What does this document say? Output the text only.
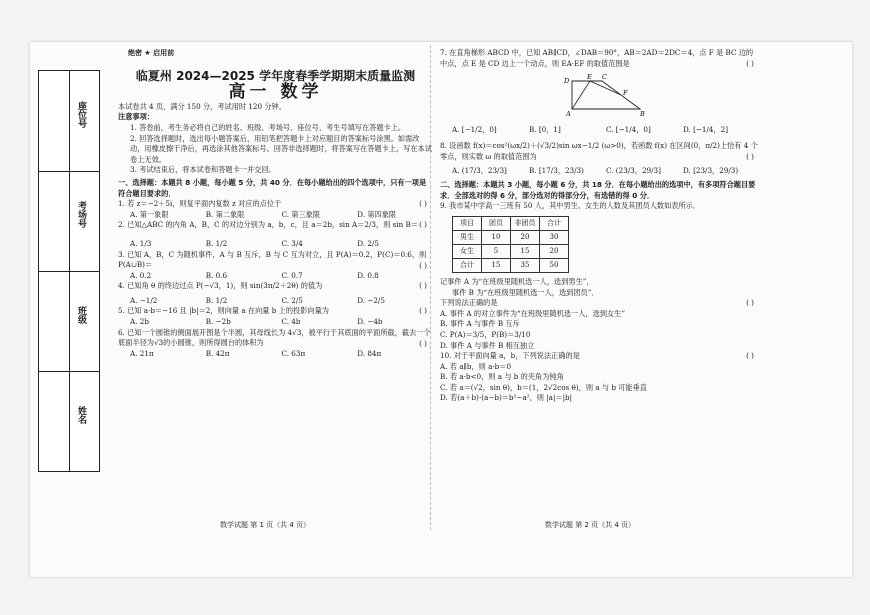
座位号
考场号
班级
姓名
绝密 ★ 启用前
临夏州 2024—2025 学年度春季学期期末质量监测
高一 数学

本试卷共 4 页，满分 150 分，考试用时 120 分钟。

注意事项：

1. 答卷前，考生务必将自己的姓名、班级、考场号、座位号、考生号填写在答题卡上。

2. 回答选择题时，选出每小题答案后，用铅笔把答题卡上对应题目的答案标号涂黑。如需改动，用橡皮擦干净后，再选涂其他答案标号。回答非选择题时，将答案写在答题卡上，写在本试卷上无效。

3. 考试结束后，将本试卷和答题卡一并交回。

一、选择题：本题共 8 小题，每小题 5 分，共 40 分．在每小题给出的四个选项中，只有一项是符合题目要求的．

1. 若 z＝−2＋5i，则复平面内复数 z 对应的点位于	( )
A. 第一象限	B. 第二象限	C. 第三象限	D. 第四象限

2. 已知△ABC 的内角 A，B，C 的对边分别为 a，b，c，且 a＝2b，sin A＝2/3，则 sin B＝ ( )
A. 1/3	B. 1/2	C. 3/4	D. 2/5

3. 已知 A，B，C 为随机事件，A 与 B 互斥，B 与 C 互为对立，且 P(A)＝0.2，P(C)＝0.6，则 P(A∪B)＝	( )
A. 0.2	B. 0.6	C. 0.7	D. 0.8

4. 已知角 θ 的终边过点 P(−√3，1)，则 sin(3π/2＋2θ) 的值为	( )
A. −1/2	B. 1/2	C. 2/5	D. −2/5

5. 已知 a·b＝−16 且 |b|＝2，则向量 a 在向量 b 上的投影向量为	( )
A. 2b	B. −2b	C. 4b	D. −4b

6. 已知一个圆锥的侧面展开图是个半圆，其母线长为 4√3，被平行于其底面的平面所截，截去一个底面半径为√3的小圆锥，则所得圆台的体积为	( )
A. 21π	B. 42π	C. 63π	D. 84π

7. 在直角梯形 ABCD 中，已知 AB∥CD，∠DAB＝90°，AB＝2AD＝2DC＝4，点 F 是 BC 边的中点，点 E 是 CD 边上一个动点，则 EA·EF 的取值范围是	( )
D	E C
F
A	B
A. [−1/2，0]	B. [0，1]	C. [−1/4，0]	D. [−1/4，2]

8. 设函数 f(x)＝cos²(ωx/2)＋(√3/2)sin ωx−1/2 (ω>0)，若函数 f(x) 在区间(0，π/2)上恰有 4 个零点，则实数 ω 的取值范围为	( )
A. (17/3，23/3]	B. [17/3，23/3)	C. (23/3，29/3]	D. [23/3，29/3)

二、选择题：本题共 3 小题，每小题 6 分，共 18 分．在每小题给出的选项中，有多项符合题目要求．全部选对的得 6 分，部分选对的得部分分，有选错的得 0 分．

9. 我市某中学高一三班有 50 人，其中男生、女生的人数及其团员人数如表所示．

项目	团员	非团员	合计
男生	10	20	30
女生	5	15	20
合计	15	35	50

记事件 A 为“在班级里随机选一人，选到男生”，

事件 B 为“在班级里随机选一人，选到团员”．

下列说法正确的是	( )

A. 事件 A 的对立事件为“在班级里随机选一人，选到女生”

B. 事件 A 与事件 B 互斥

C. P(A)＝3/5，P(B)＝3/10

D. 事件 A 与事件 B 相互独立

10. 对于平面向量 a，b，下列说法正确的是	( )

A. 若 a∥b，则 a·b＝0

B. 若 a·b<0，则 a 与 b 的夹角为钝角

C. 若 a＝(√2，sin θ)，b＝(1，2√2cos θ)，则 a 与 b 可能垂直

D. 若(a＋b)·(a−b)＝b²−a²，则 |a|＝|b|

数学试题 第 1 页（共 4 页）	数学试题 第 2 页（共 4 页）
